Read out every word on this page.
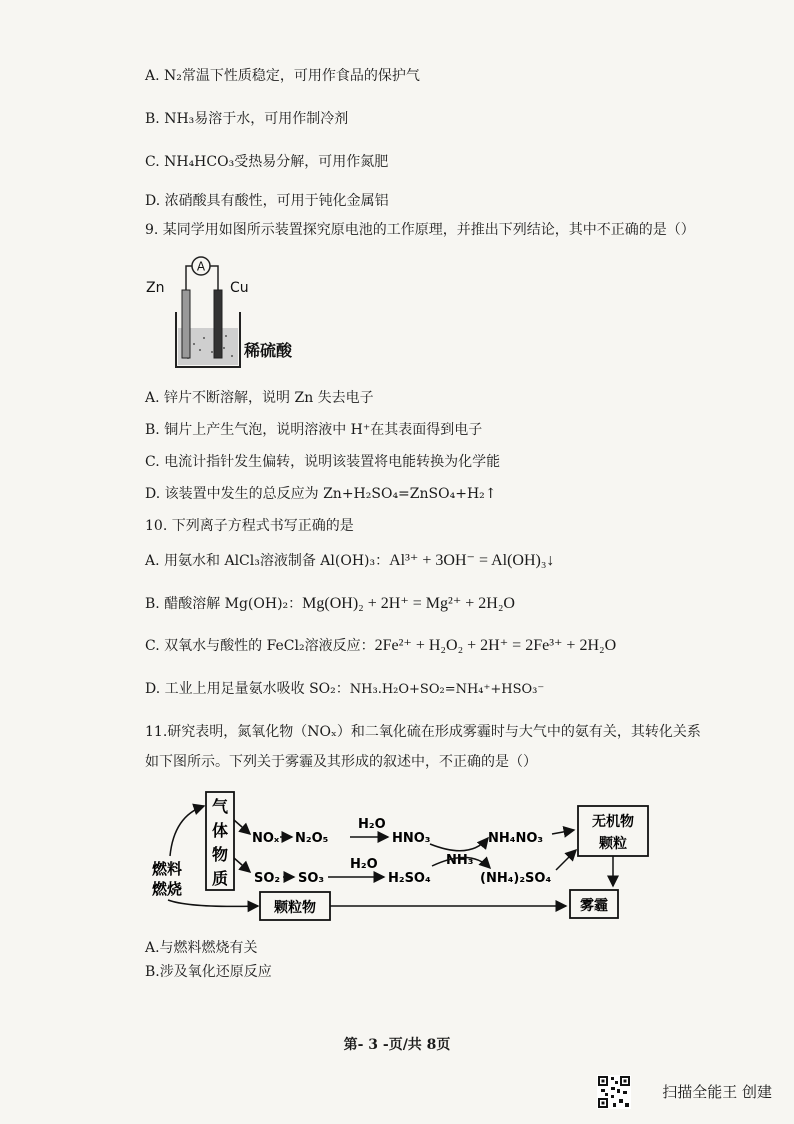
A. N₂常温下性质稳定，可用作食品的保护气
B. NH₃易溶于水，可用作制冷剂
C. NH₄HCO₃受热易分解，可用作氮肥
D. 浓硝酸具有酸性，可用于钝化金属铝
9. 某同学用如图所示装置探究原电池的工作原理，并推出下列结论，其中不正确的是（）
A
Zn	Cu
稀硫酸
A. 锌片不断溶解，说明 Zn 失去电子
B. 铜片上产生气泡，说明溶液中 H⁺在其表面得到电子
C. 电流计指针发生偏转，说明该装置将电能转换为化学能
D. 该装置中发生的总反应为 Zn+H₂SO₄=ZnSO₄+H₂↑
10. 下列离子方程式书写正确的是
A. 用氨水和 AlCl₃溶液制备 Al(OH)₃：Al³⁺ + 3OH⁻ = Al(OH)₃↓
B. 醋酸溶解 Mg(OH)₂：Mg(OH)₂ + 2H⁺ = Mg²⁺ + 2H₂O
C. 双氧水与酸性的 FeCl₂溶液反应：2Fe²⁺ + H₂O₂ + 2H⁺ = 2Fe³⁺ + 2H₂O
D. 工业上用足量氨水吸收 SO₂：NH₃.H₂O+SO₂=NH₄⁺+HSO₃⁻
11.研究表明，氮氧化物（NOₓ）和二氧化硫在形成雾霾时与大气中的氨有关，其转化关系
如下图所示。下列关于雾霾及其形成的叙述中，不正确的是（）
气
体
物
质
燃料
燃烧
NOₓ N₂O₅
H₂O
HNO₃	NH₄NO₃
NH₃
SO₂ SO₃
H₂O
H₂SO₄	(NH₄)₂SO₄
无机物
颗粒
颗粒物	雾霾
A.与燃料燃烧有关
B.涉及氧化还原反应
第- 3 -页/共 8页
扫描全能王 创建
